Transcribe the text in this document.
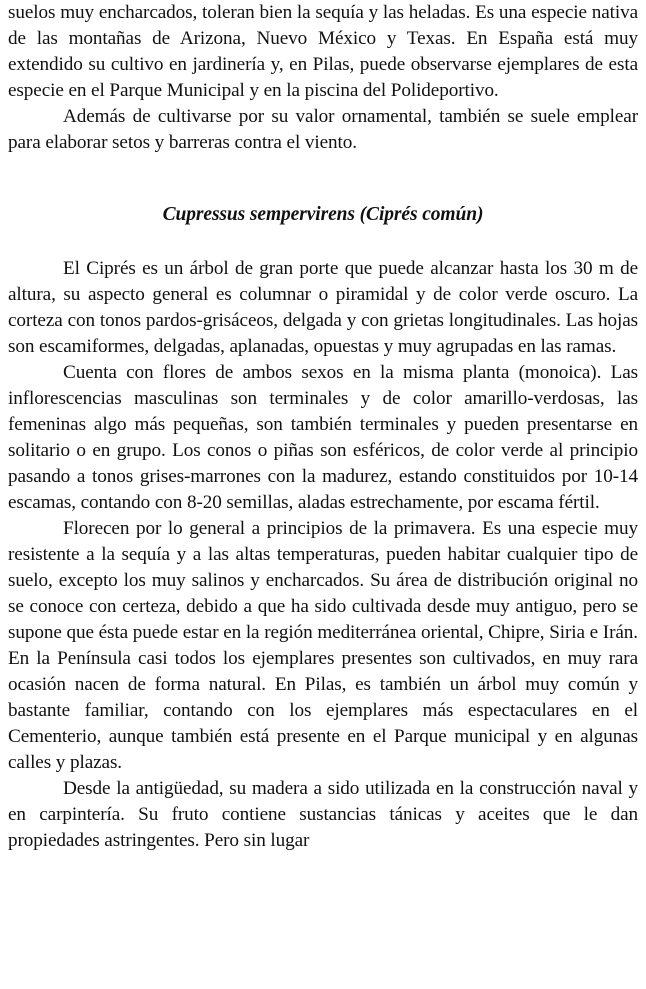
suelos muy encharcados, toleran bien la sequía y las heladas. Es una especie nativa de las montañas de Arizona, Nuevo México y Texas. En España está muy extendido su cultivo en jardinería y, en Pilas, puede observarse ejemplares de esta especie en el Parque Municipal y en la piscina del Polideportivo.

Además de cultivarse por su valor ornamental, también se suele emplear para elaborar setos y barreras contra el viento.

Cupressus sempervirens (Ciprés común)

El Ciprés es un árbol de gran porte que puede alcanzar hasta los 30 m de altura, su aspecto general es columnar o piramidal y de color verde oscuro. La corteza con tonos pardos-grisáceos, delgada y con grietas longitudinales. Las hojas son escamiformes, delgadas, aplanadas, opuestas y muy agrupadas en las ramas.

Cuenta con flores de ambos sexos en la misma planta (monoica). Las inflorescencias masculinas son terminales y de color amarillo-verdosas, las femeninas algo más pequeñas, son también terminales y pueden presentarse en solitario o en grupo. Los conos o piñas son esféricos, de color verde al principio pasando a tonos grises-marrones con la madurez, estando constituidos por 10-14 escamas, contando con 8-20 semillas, aladas estrechamente, por escama fértil.

Florecen por lo general a principios de la primavera. Es una especie muy resistente a la sequía y a las altas temperaturas, pueden habitar cualquier tipo de suelo, excepto los muy salinos y encharcados. Su área de distribución original no se conoce con certeza, debido a que ha sido cultivada desde muy antiguo, pero se supone que ésta puede estar en la región mediterránea oriental, Chipre, Siria e Irán. En la Península casi todos los ejemplares presentes son cultivados, en muy rara ocasión nacen de forma natural. En Pilas, es también un árbol muy común y bastante familiar, contando con los ejemplares más espectaculares en el Cementerio, aunque también está presente en el Parque municipal y en algunas calles y plazas.

Desde la antigüedad, su madera a sido utilizada en la construcción naval y en carpintería. Su fruto contiene sustancias tánicas y aceites que le dan propiedades astringentes. Pero sin lugar
